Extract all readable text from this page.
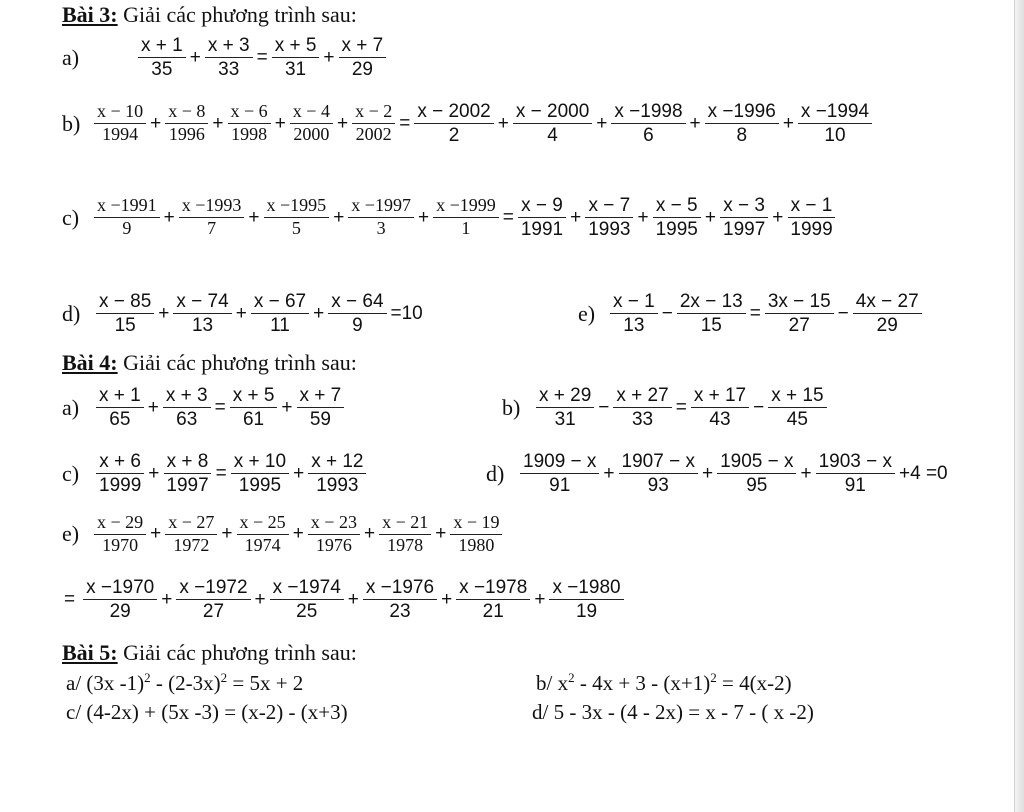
Bài 3: Giải các phương trình sau:
a)	$\frac{x + 1}{35} + \frac{x + 3}{33} = \frac{x + 5}{31} + \frac{x + 7}{29}$
$b) \frac{x - 10}{1994} + \frac{x - 8}{1996} + \frac{x - 6}{1998} + \frac{x - 4}{2000} + \frac{x - 2}{2002} = \frac{x - 2002}{2} + \frac{x - 2000}{4} + \frac{x -1998}{6} + \frac{x -1996}{8} + \frac{x -1994}{10}$
$c) \frac{x -1991}{9} + \frac{x -1993}{7} + \frac{x -1995}{5} + \frac{x -1997}{3} + \frac{x -1999}{1} = \frac{x - 9}{1991} + \frac{x - 7}{1993} + \frac{x - 5}{1995} + \frac{x - 3}{1997} + \frac{x - 1}{1999}$
$d) \frac{x - 85}{15} + \frac{x - 74}{13} + \frac{x - 67}{11} + \frac{x - 64}{9} =10$	$e) \frac{x - 1}{13} - \frac{2x - 13}{15} = \frac{3x - 15}{27} - \frac{4x - 27}{29}$
Bài 4: Giải các phương trình sau:
$a) \frac{x + 1}{65} + \frac{x + 3}{63} = \frac{x + 5}{61} + \frac{x + 7}{59}$	$b) \frac{x + 29}{31} - \frac{x + 27}{33} = \frac{x + 17}{43} - \frac{x + 15}{45}$
$c) \frac{x + 6}{1999} + \frac{x + 8}{1997} = \frac{x + 10}{1995} + \frac{x + 12}{1993}$	$d) \frac{1909 - x}{91} + \frac{1907 - x}{93} + \frac{1905 - x}{95} + \frac{1903 - x}{91} +4 =0$
$e) \frac{x - 29}{1970} + \frac{x - 27}{1972} + \frac{x - 25}{1974} + \frac{x - 23}{1976} + \frac{x - 21}{1978} + \frac{x - 19}{1980}$
= $\frac{x -1970}{29} + \frac{x -1972}{27} + \frac{x -1974}{25} + \frac{x -1976}{23} + \frac{x -1978}{21} + \frac{x -1980}{19}$
Bài 5: Giải các phương trình sau:
a/ (3x $-1)^2 - (2-3x)^2 = 5x + 2$	b/ $x^2 - 4x + 3 - (x+1)^2 = 4(x-2)$
c/ (4-2x) + (5x -3) = (x-2) - (x+3)	d/ 5 - 3x - (4 - 2x) = x - 7 - ( x -2)
